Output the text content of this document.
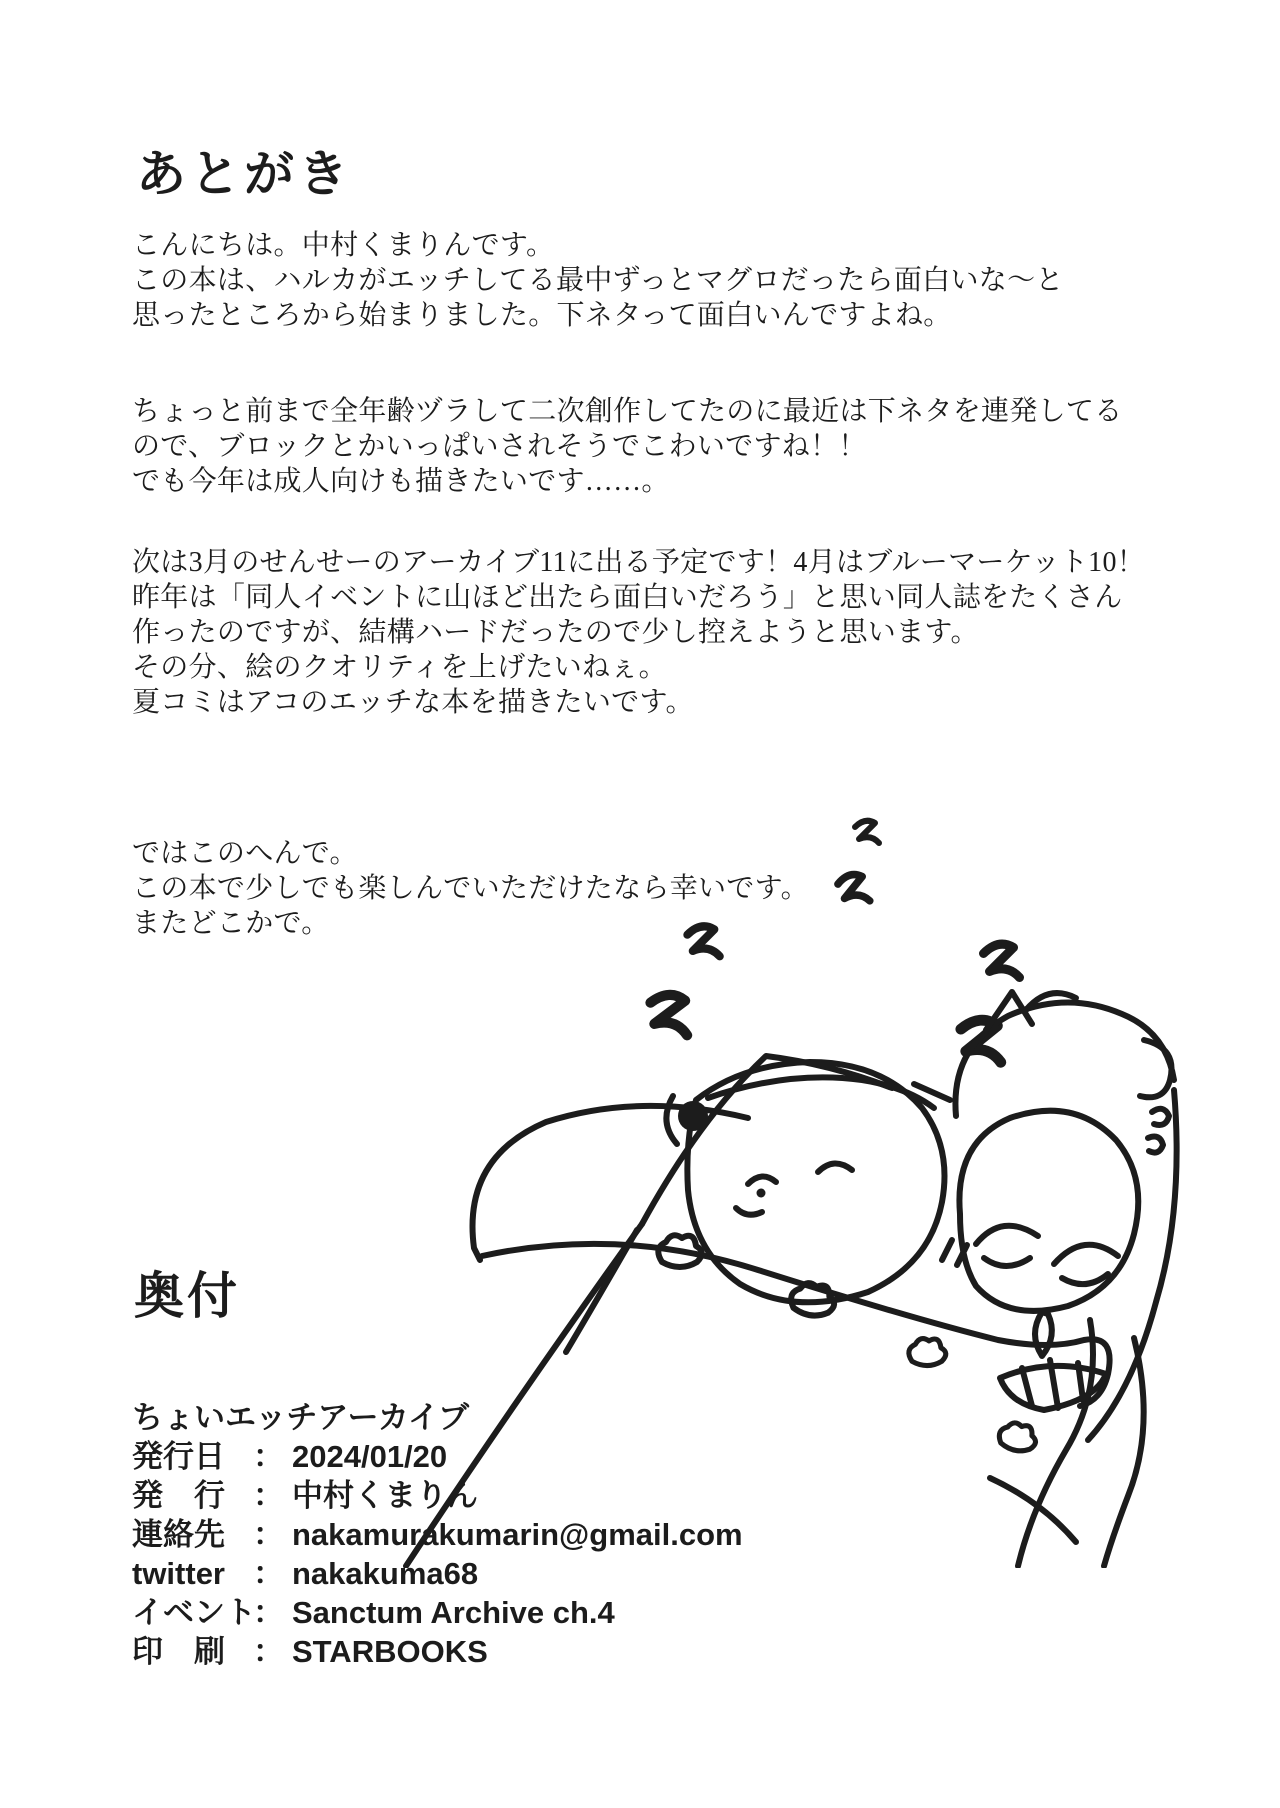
あとがき
こんにちは。中村くまりんです。
この本は、ハルカがエッチしてる最中ずっとマグロだったら面白いな〜と
思ったところから始まりました。下ネタって面白いんですよね。
ちょっと前まで全年齢ヅラして二次創作してたのに最近は下ネタを連発してる
ので、ブロックとかいっぱいされそうでこわいですね！！
でも今年は成人向けも描きたいです……。
次は3月のせんせーのアーカイブ11に出る予定です！4月はブルーマーケット10！
昨年は「同人イベントに山ほど出たら面白いだろう」と思い同人誌をたくさん
作ったのですが、結構ハードだったので少し控えようと思います。
その分、絵のクオリティを上げたいねぇ。
夏コミはアコのエッチな本を描きたいです。
ではこのへんで。
この本で少しでも楽しんでいただけたなら幸いです。
またどこかで。
奥付
ちょいエッチアーカイブ
発行日 ： 2024/01/20
発　行 ： 中村くまりん
連絡先 ： nakamurakumarin@gmail.com
twitter ： nakakuma68
イベント
： Sanctum Archive ch.4
印　刷 ： STARBOOKS
